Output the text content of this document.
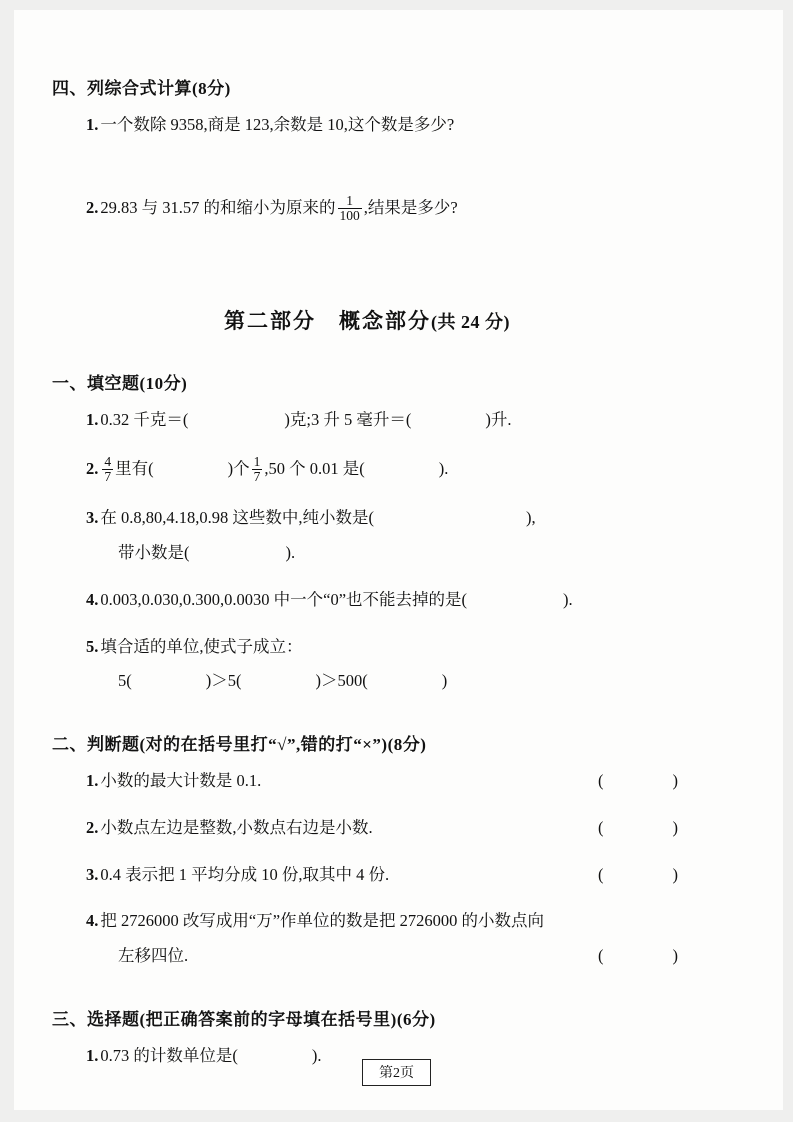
四、列综合式计算(8分)
1. 一个数除 9358,商是 123,余数是 10,这个数是多少?
2. 29.83 与 31.57 的和缩小为原来的 $\frac{1}{100}$ ,结果是多少?
第二部分　概念部分(共 24 分)
一、填空题(10分)
1. 0.32 千克＝(	)克;3 升 5 毫升＝(	)升.
2. $\frac{4}{7}$ 里有(	)个 $\frac{1}{7} ,50$ 个 0.01 是(	).
3. 在 0.8,80,4.18,0.98 这些数中,纯小数是(	),
带小数是(	).
4. 0.003,0.030,0.300,0.0030 中一个“0”也不能去掉的是(	).
5. 填合适的单位,使式子成立：
5(	)＞5(	)＞500(	)
二、判断题(对的在括号里打“√”,错的打“×”)(8分)
1. 小数的最大计数是 0.1.	(　　)
2. 小数点左边是整数,小数点右边是小数.	(　　)
3. 0.4 表示把 1 平均分成 10 份,取其中 4 份.	(　　)
4. 把 2726000 改写成用“万”作单位的数是把 2726000 的小数点向
左移四位.	(　　)
三、选择题(把正确答案前的字母填在括号里)(6分)
1. 0.73 的计数单位是(	).
第2页
